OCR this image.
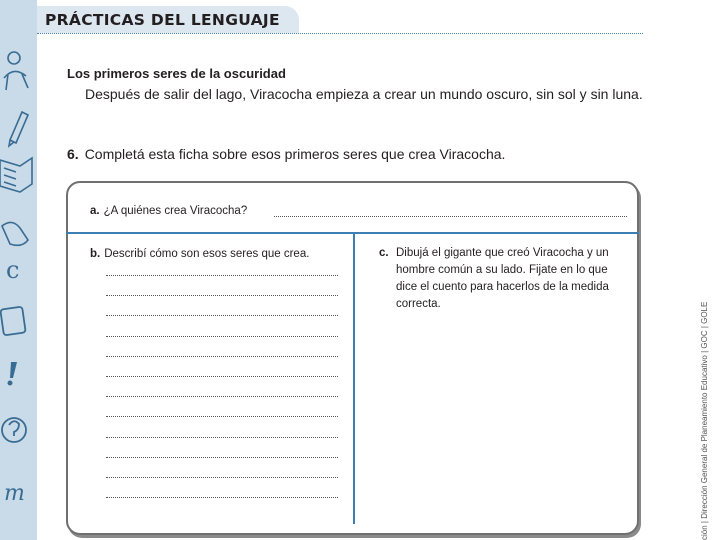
c
m
PRÁCTICAS DEL LENGUAJE
Los primeros seres de la oscuridad
Después de salir del lago, Viracocha empieza a crear un mundo oscuro, sin sol y sin luna.
6. Completá esta ficha sobre esos primeros seres que crea Viracocha.
a. ¿A quiénes crea Viracocha?
b. Describí cómo son esos seres que crea.	c. Dibujá el gigante que creó Viracocha y un hombre común a su lado. Fijate en lo que dice el cuento para hacerlos de la medida correcta.	ción | Dirección General de Planeamiento Educativo | GOC | GOLE
